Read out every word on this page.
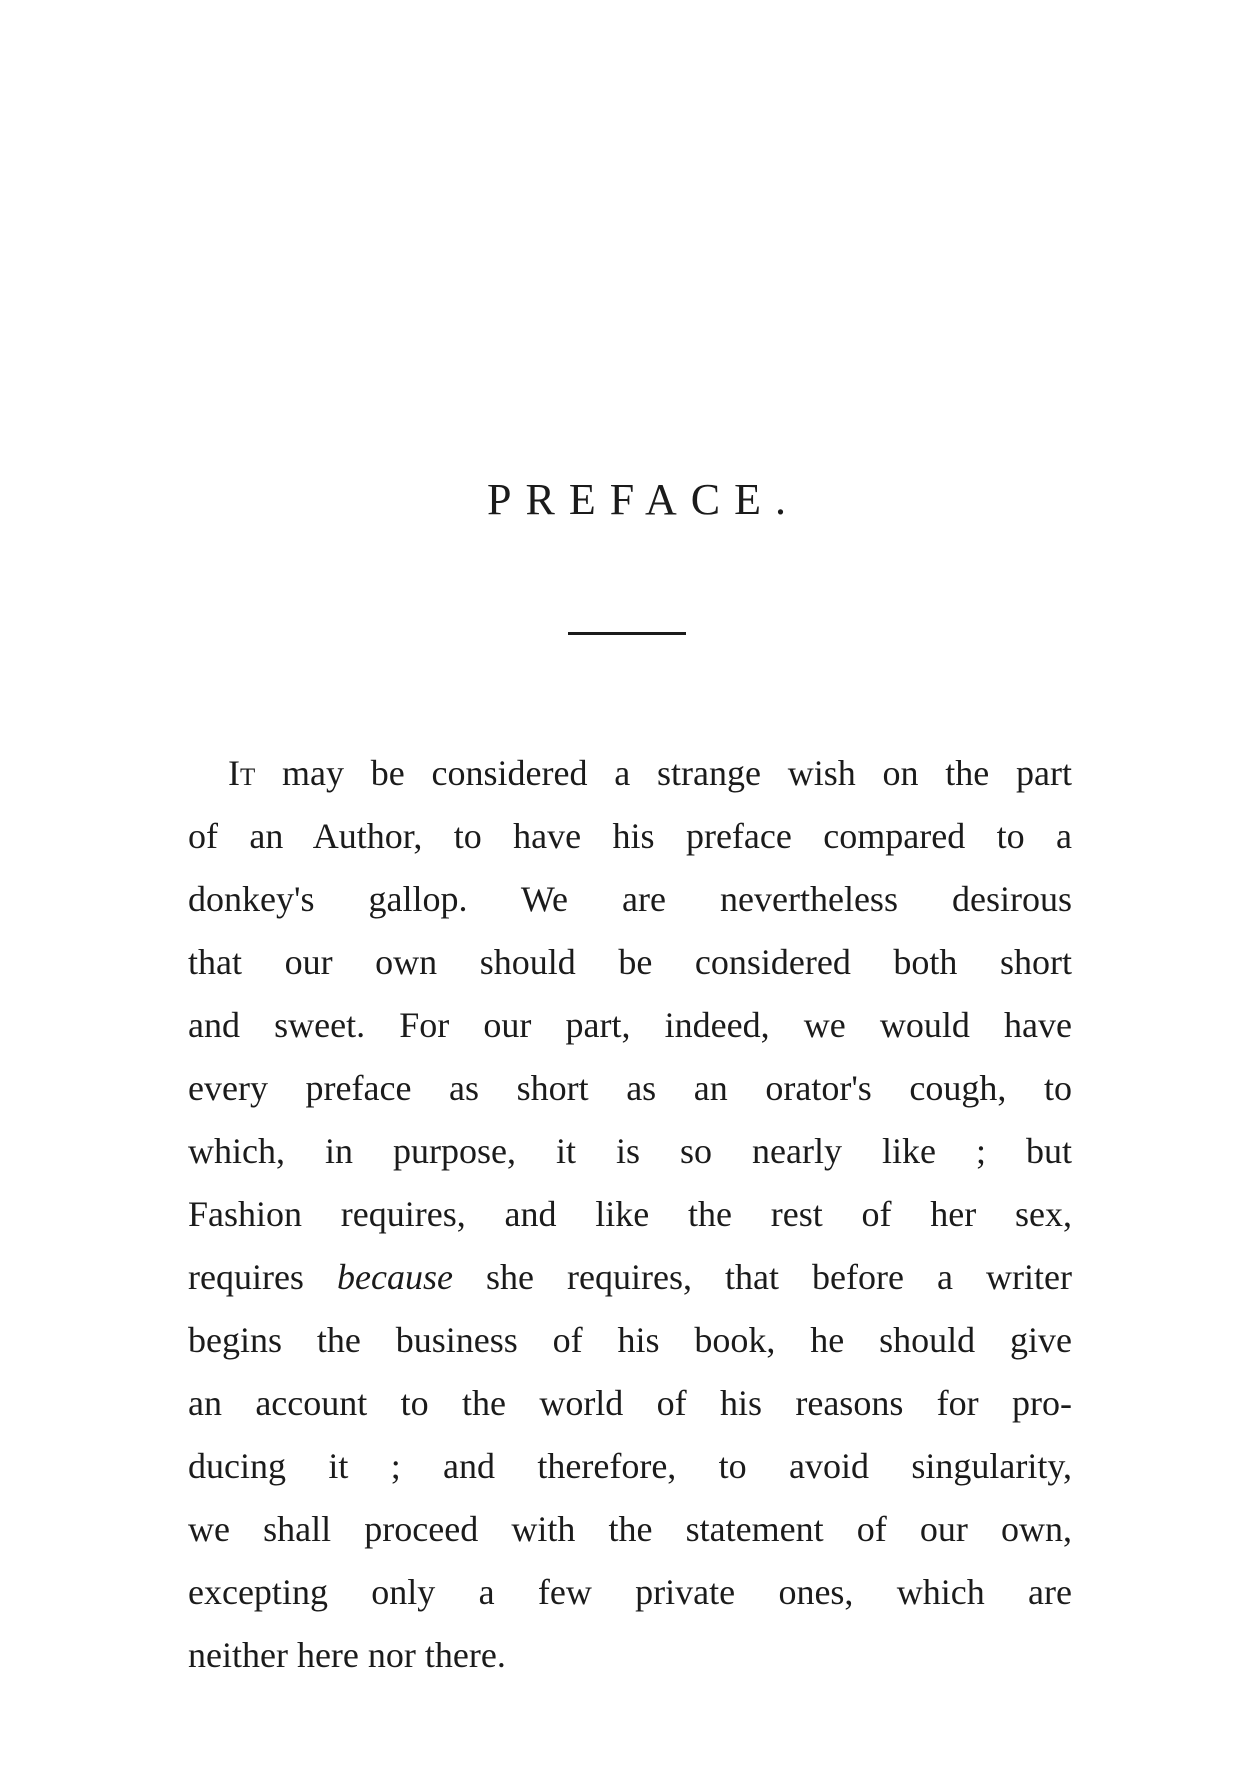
PREFACE.
It may be considered a strange wish on the part
of an Author, to have his preface compared to a
donkey's gallop. We are nevertheless desirous
that our own should be considered both short
and sweet. For our part, indeed, we would have
every preface as short as an orator's cough, to
which, in purpose, it is so nearly like ; but
Fashion requires, and like the rest of her sex,
requires because she requires, that before a writer
begins the business of his book, he should give
an account to the world of his reasons for pro-
ducing it ; and therefore, to avoid singularity,
we shall proceed with the statement of our own,
excepting only a few private ones, which are
neither here nor there.
